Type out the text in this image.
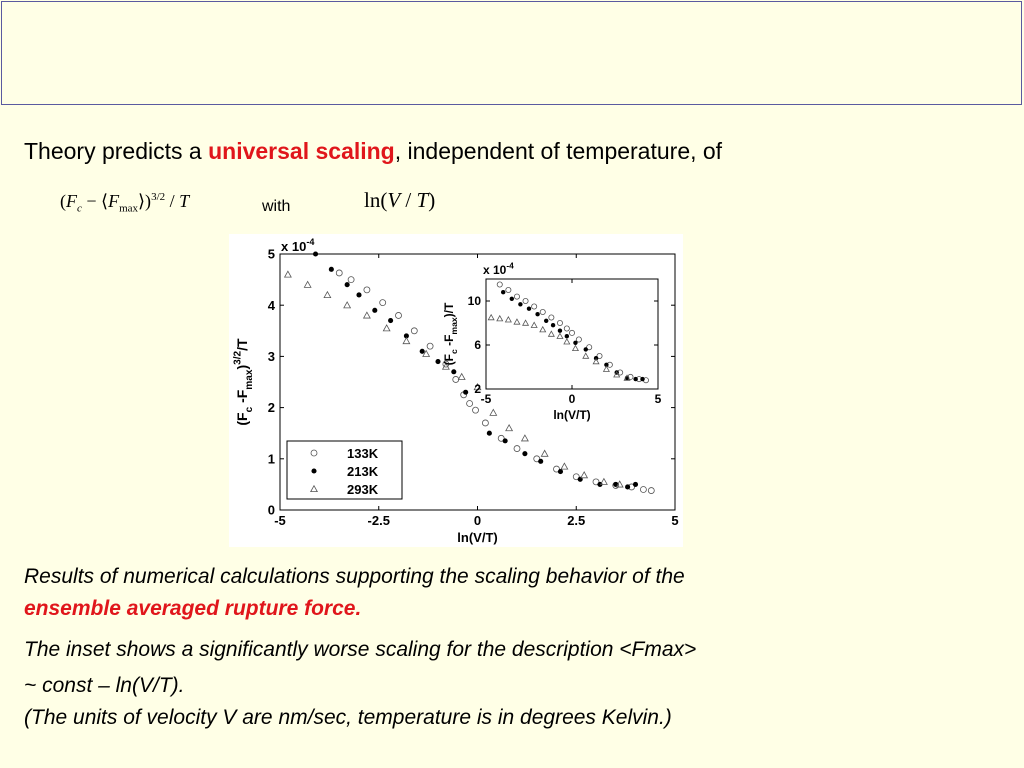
Theory predicts a universal scaling, independent of temperature, of
($F_c$ − $⟨F_{max}⟩)^{3/2}$ / T	with	ln(V / T)
-5	-2.5	0	2.5	5
0
1
2
3
4
5
ln(V/T)
($F_c$ $-F_{max})^{3/2}/T$
x $10^{-4}$
133K
213K
293K
-5	0	5
2
6
10
ln(V/T)
($F_c$ $-F_{max})/T$
x $10^{-4}$
Results of numerical calculations supporting the scaling behavior of the
ensemble averaged rupture force.
The inset shows a significantly worse scaling for the description <Fmax>
~ const – ln(V/T).
(The units of velocity V are nm/sec, temperature is in degrees Kelvin.)
